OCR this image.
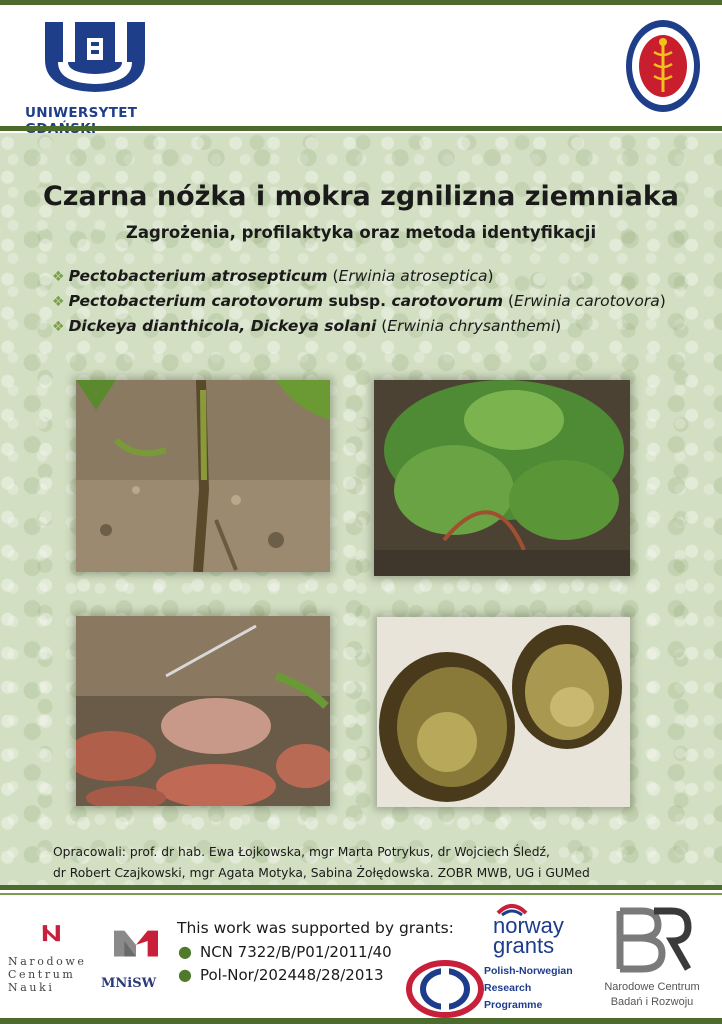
UNIWERSYTET
Czarna nóżka i mokra zgnilizna ziemniaka
Zagrożenia, profilaktyka oraz metoda identyfikacji
❖ Pectobacterium atrosepticum (Erwinia atroseptica)
❖ Pectobacterium carotovorum subsp. carotovorum (Erwinia carotovora)
❖ Dickeya dianthicola, Dickeya solani (Erwinia chrysanthemi)
Opracowali: prof. dr hab. Ewa Łojkowska, mgr Marta Potrykus, dr Wojciech Śledź,
dr Robert Czajkowski, mgr Agata Motyka, Sabina Żołędowska. ZOBR MWB, UG i GUMed
Narodowe
Centrum
Nauki	MNiSW
This work was supported by grants:
● NCN 7322/B/P01/2011/40
● Pol-Nor/202448/28/2013
norway
grants
Polish-Norwegian
Research
Programme
Narodowe Centrum
Badań i Rozwoju
